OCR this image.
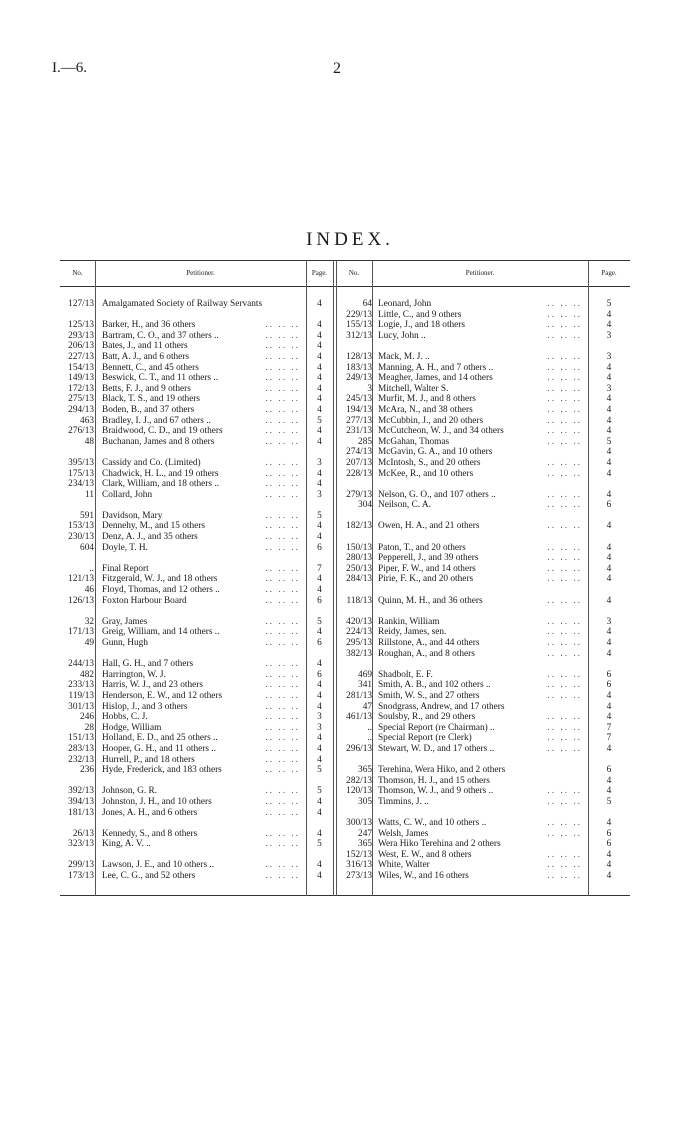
I.—6.	2
INDEX.
No.	Petitioner.	Page.	No.	Petitioner.	Page.
127/13 Amalgamated Society of Railway Servants	4
125/13 Barker, H., and 36 others	.. .. ..	4
293/13 Bartram, C. O., and 37 others ..	.. .. ..	4
206/13 Bates, J., and 11 others	.. .. ..	4
227/13 Batt, A. J., and 6 others	.. .. ..	4
154/13 Bennett, C., and 45 others	.. .. ..	4
149/13 Beswick, C. T., and 11 others ..	.. .. ..	4
172/13 Betts, F. J., and 9 others	.. .. ..	4
275/13 Black, T. S., and 19 others	.. .. ..	4
294/13 Boden, B., and 37 others	.. .. ..	4
463 Bradley, I. J., and 67 others ..	.. .. ..	5
276/13 Braidwood, C. D., and 19 others	.. .. ..	4
48 Buchanan, James and 8 others	.. .. ..	4
395/13 Cassidy and Co. (Limited)	.. .. ..	3
175/13 Chadwick, H. L., and 19 others	.. .. ..	4
234/13 Clark, William, and 18 others ..	.. .. ..	4
11 Collard, John	.. .. ..	3
591 Davidson, Mary	.. .. ..	5
153/13 Dennehy, M., and 15 others	.. .. ..	4
230/13 Denz, A. J., and 35 others	.. .. ..	4
604 Doyle, T. H.	.. .. ..	6
.. Final Report	.. .. ..	7
121/13 Fitzgerald, W. J., and 18 others	.. .. ..	4
46 Floyd, Thomas, and 12 others ..	.. .. ..	4
126/13 Foxton Harbour Board	.. .. ..	6
32 Gray, James	.. .. ..	5
171/13 Greig, William, and 14 others ..	.. .. ..	4
49 Gunn, Hugh	.. .. ..	6
244/13 Hall, G. H., and 7 others	.. .. ..	4
482 Harrington, W. J.	.. .. ..	6
233/13 Harris, W. J., and 23 others	.. .. ..	4
119/13 Henderson, E. W., and 12 others	.. .. ..	4
301/13 Hislop, J., and 3 others	.. .. ..	4
246 Hobbs, C. J.	.. .. ..	3
28 Hodge, William	.. .. ..	3
151/13 Holland, E. D., and 25 others ..	.. .. ..	4
283/13 Hooper, G. H., and 11 others ..	.. .. ..	4
232/13 Hurrell, P., and 18 others	.. .. ..	4
236 Hyde, Frederick, and 183 others	.. .. ..	5
392/13 Johnson, G. R.	.. .. ..	5
394/13 Johnston, J. H., and 10 others	.. .. ..	4
181/13 Jones, A. H., and 6 others	.. .. ..	4
26/13 Kennedy, S., and 8 others	.. .. ..	4
323/13 King, A. V. ..	.. .. ..	5
299/13 Lawson, J. E., and 10 others ..	.. .. ..	4
173/13 Lee, C. G., and 52 others	.. .. ..	4
64 Leonard, John	.. .. ..	5
229/13 Little, C., and 9 others	.. .. ..	4
155/13 Logie, J., and 18 others	.. .. ..	4
312/13 Lucy, John ..	.. .. ..	3
128/13 Mack, M. J. ..	.. .. ..	3
183/13 Manning, A. H., and 7 others ..	.. .. ..	4
249/13 Meagher, James, and 14 others	.. .. ..	4
3 Mitchell, Walter S.	.. .. ..	3
245/13 Murfit, M. J., and 8 others	.. .. ..	4
194/13 McAra, N., and 38 others	.. .. ..	4
277/13 McCubbin, J., and 20 others	.. .. ..	4
231/13 McCutcheon, W. J., and 34 others	.. .. ..	4
285 McGahan, Thomas	.. .. ..	5
274/13 McGavin, G. A., and 10 others	4
207/13 McIntosh, S., and 20 others	.. .. ..	4
228/13 McKee, R., and 10 others	.. .. ..	4
279/13 Nelson, G. O., and 107 others ..	.. .. ..	4
304 Neilson, C. A.	.. .. ..	6
182/13 Owen, H. A., and 21 others	.. .. ..	4
150/13 Paton, T., and 20 others	.. .. ..	4
280/13 Pepperell, J., and 39 others	.. .. ..	4
250/13 Piper, F. W., and 14 others	.. .. ..	4
284/13 Pirie, F. K., and 20 others	.. .. ..	4
118/13 Quinn, M. H., and 36 others	.. .. ..	4
420/13 Rankin, William	.. .. ..	3
224/13 Reidy, James, sen.	.. .. ..	4
295/13 Rillstone, A., and 44 others	.. .. ..	4
382/13 Roughan, A., and 8 others	.. .. ..	4
469 Shadbolt, E. F.	.. .. ..	6
341 Smith, A. B., and 102 others ..	.. .. ..	6
281/13 Smith, W. S., and 27 others	.. .. ..	4
47 Snodgrass, Andrew, and 17 others	4
461/13 Soulsby, R., and 29 others	.. .. ..	4
.. Special Report (re Chairman) ..	.. .. ..	7
.. Special Report (re Clerk)	.. .. ..	7
296/13 Stewart, W. D., and 17 others ..	.. .. ..	4
365 Terehina, Wera Hiko, and 2 others	6
282/13 Thomson, H. J., and 15 others	4
120/13 Thomson, W. J., and 9 others ..	.. .. ..	4
305 Timmins, J. ..	.. .. ..	5
300/13 Watts, C. W., and 10 others ..	.. .. ..	4
247 Welsh, James	.. .. ..	6
365 Wera Hiko Terehina and 2 others	6
152/13 West, E. W., and 8 others	.. .. ..	4
316/13 White, Walter	.. .. ..	4
273/13 Wiles, W., and 16 others	.. .. ..	4
